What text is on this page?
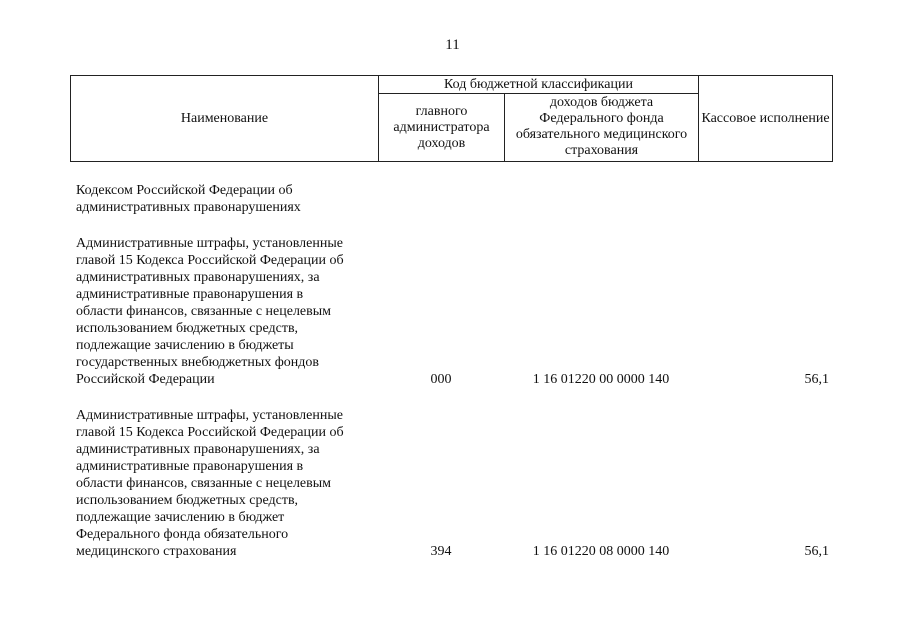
11
Наименование	Код бюджетной классификации		Кассовое исполнение
	главного администратора доходов	доходов бюджета Федерального фонда обязательного медицинского страхования	
Кодексом Российской Федерации об
административных правонарушениях
Административные штрафы, установленные
главой 15 Кодекса Российской Федерации об
административных правонарушениях, за
административные правонарушения в
области финансов, связанные с нецелевым
использованием бюджетных средств,
подлежащие зачислению в бюджеты
государственных внебюджетных фондов
Российской Федерации	000	1 16 01220 00 0000 140	56,1
Административные штрафы, установленные
главой 15 Кодекса Российской Федерации об
административных правонарушениях, за
административные правонарушения в
области финансов, связанные с нецелевым
использованием бюджетных средств,
подлежащие зачислению в бюджет
Федерального фонда обязательного
медицинского страхования	394	1 16 01220 08 0000 140	56,1
